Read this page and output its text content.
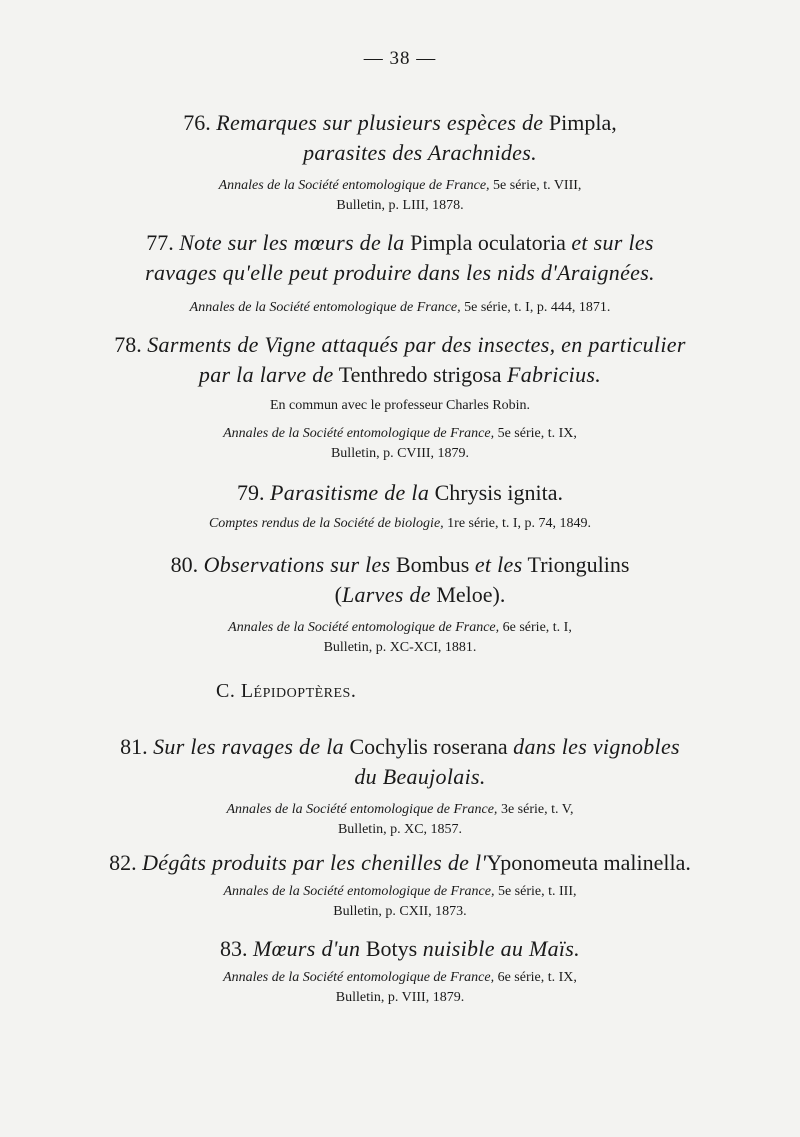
— 38 —
76. Remarques sur plusieurs espèces de Pimpla,
parasites des Arachnides.
Annales de la Société entomologique de France, 5e série, t. VIII,
Bulletin, p. LIII, 1878.
77. Note sur les mœurs de la Pimpla oculatoria et sur les
ravages qu'elle peut produire dans les nids d'Araignées.
Annales de la Société entomologique de France, 5e série, t. I, p. 444, 1871.
78. Sarments de Vigne attaqués par des insectes, en particulier
par la larve de Tenthredo strigosa Fabricius.
En commun avec le professeur Charles Robin.
Annales de la Société entomologique de France, 5e série, t. IX,
Bulletin, p. CVIII, 1879.
79. Parasitisme de la Chrysis ignita.
Comptes rendus de la Société de biologie, 1re série, t. I, p. 74, 1849.
80. Observations sur les Bombus et les Triongulins
(Larves de Meloe).
Annales de la Société entomologique de France, 6e série, t. I,
Bulletin, p. XC-XCI, 1881.
C. Lépidoptères.
81. Sur les ravages de la Cochylis roserana dans les vignobles
du Beaujolais.
Annales de la Société entomologique de France, 3e série, t. V,
Bulletin, p. XC, 1857.
82. Dégâts produits par les chenilles de l'Yponomeuta malinella.
Annales de la Société entomologique de France, 5e série, t. III,
Bulletin, p. CXII, 1873.
83. Mœurs d'un Botys nuisible au Maïs.
Annales de la Société entomologique de France, 6e série, t. IX,
Bulletin, p. VIII, 1879.
